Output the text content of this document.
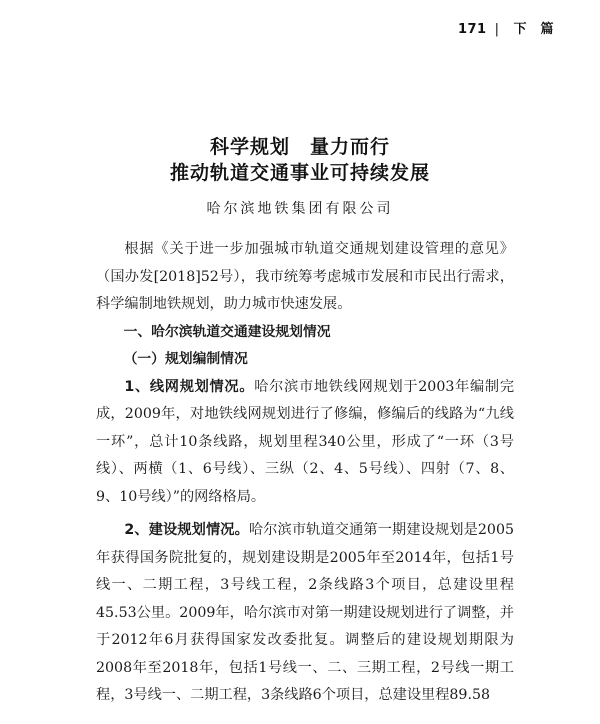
171 | 下　篇
科学规划　量力而行
推动轨道交通事业可持续发展
哈尔滨地铁集团有限公司

根据《关于进一步加强城市轨道交通规划建设管理的意见》（国办发[2018]52号），我市统筹考虑城市发展和市民出行需求，科学编制地铁规划，助力城市快速发展。

一、哈尔滨轨道交通建设规划情况

（一）规划编制情况

1、线网规划情况。哈尔滨市地铁线网规划于2003年编制完成，2009年，对地铁线网规划进行了修编，修编后的线路为“九线一环”，总计10条线路，规划里程340公里，形成了“一环（3号线）、两横（1、6号线）、三纵（2、4、5号线）、四射（7、8、9、10号线）”的网络格局。

2、建设规划情况。哈尔滨市轨道交通第一期建设规划是2005年获得国务院批复的，规划建设期是2005年至2014年，包括1号线一、二期工程，3号线工程，2条线路3个项目，总建设里程45.53公里。2009年，哈尔滨市对第一期建设规划进行了调整，并于2012年6月获得国家发改委批复。调整后的建设规划期限为2008年至2018年，包括1号线一、二、三期工程，2号线一期工程，3号线一、二期工程，3条线路6个项目，总建设里程89.58
